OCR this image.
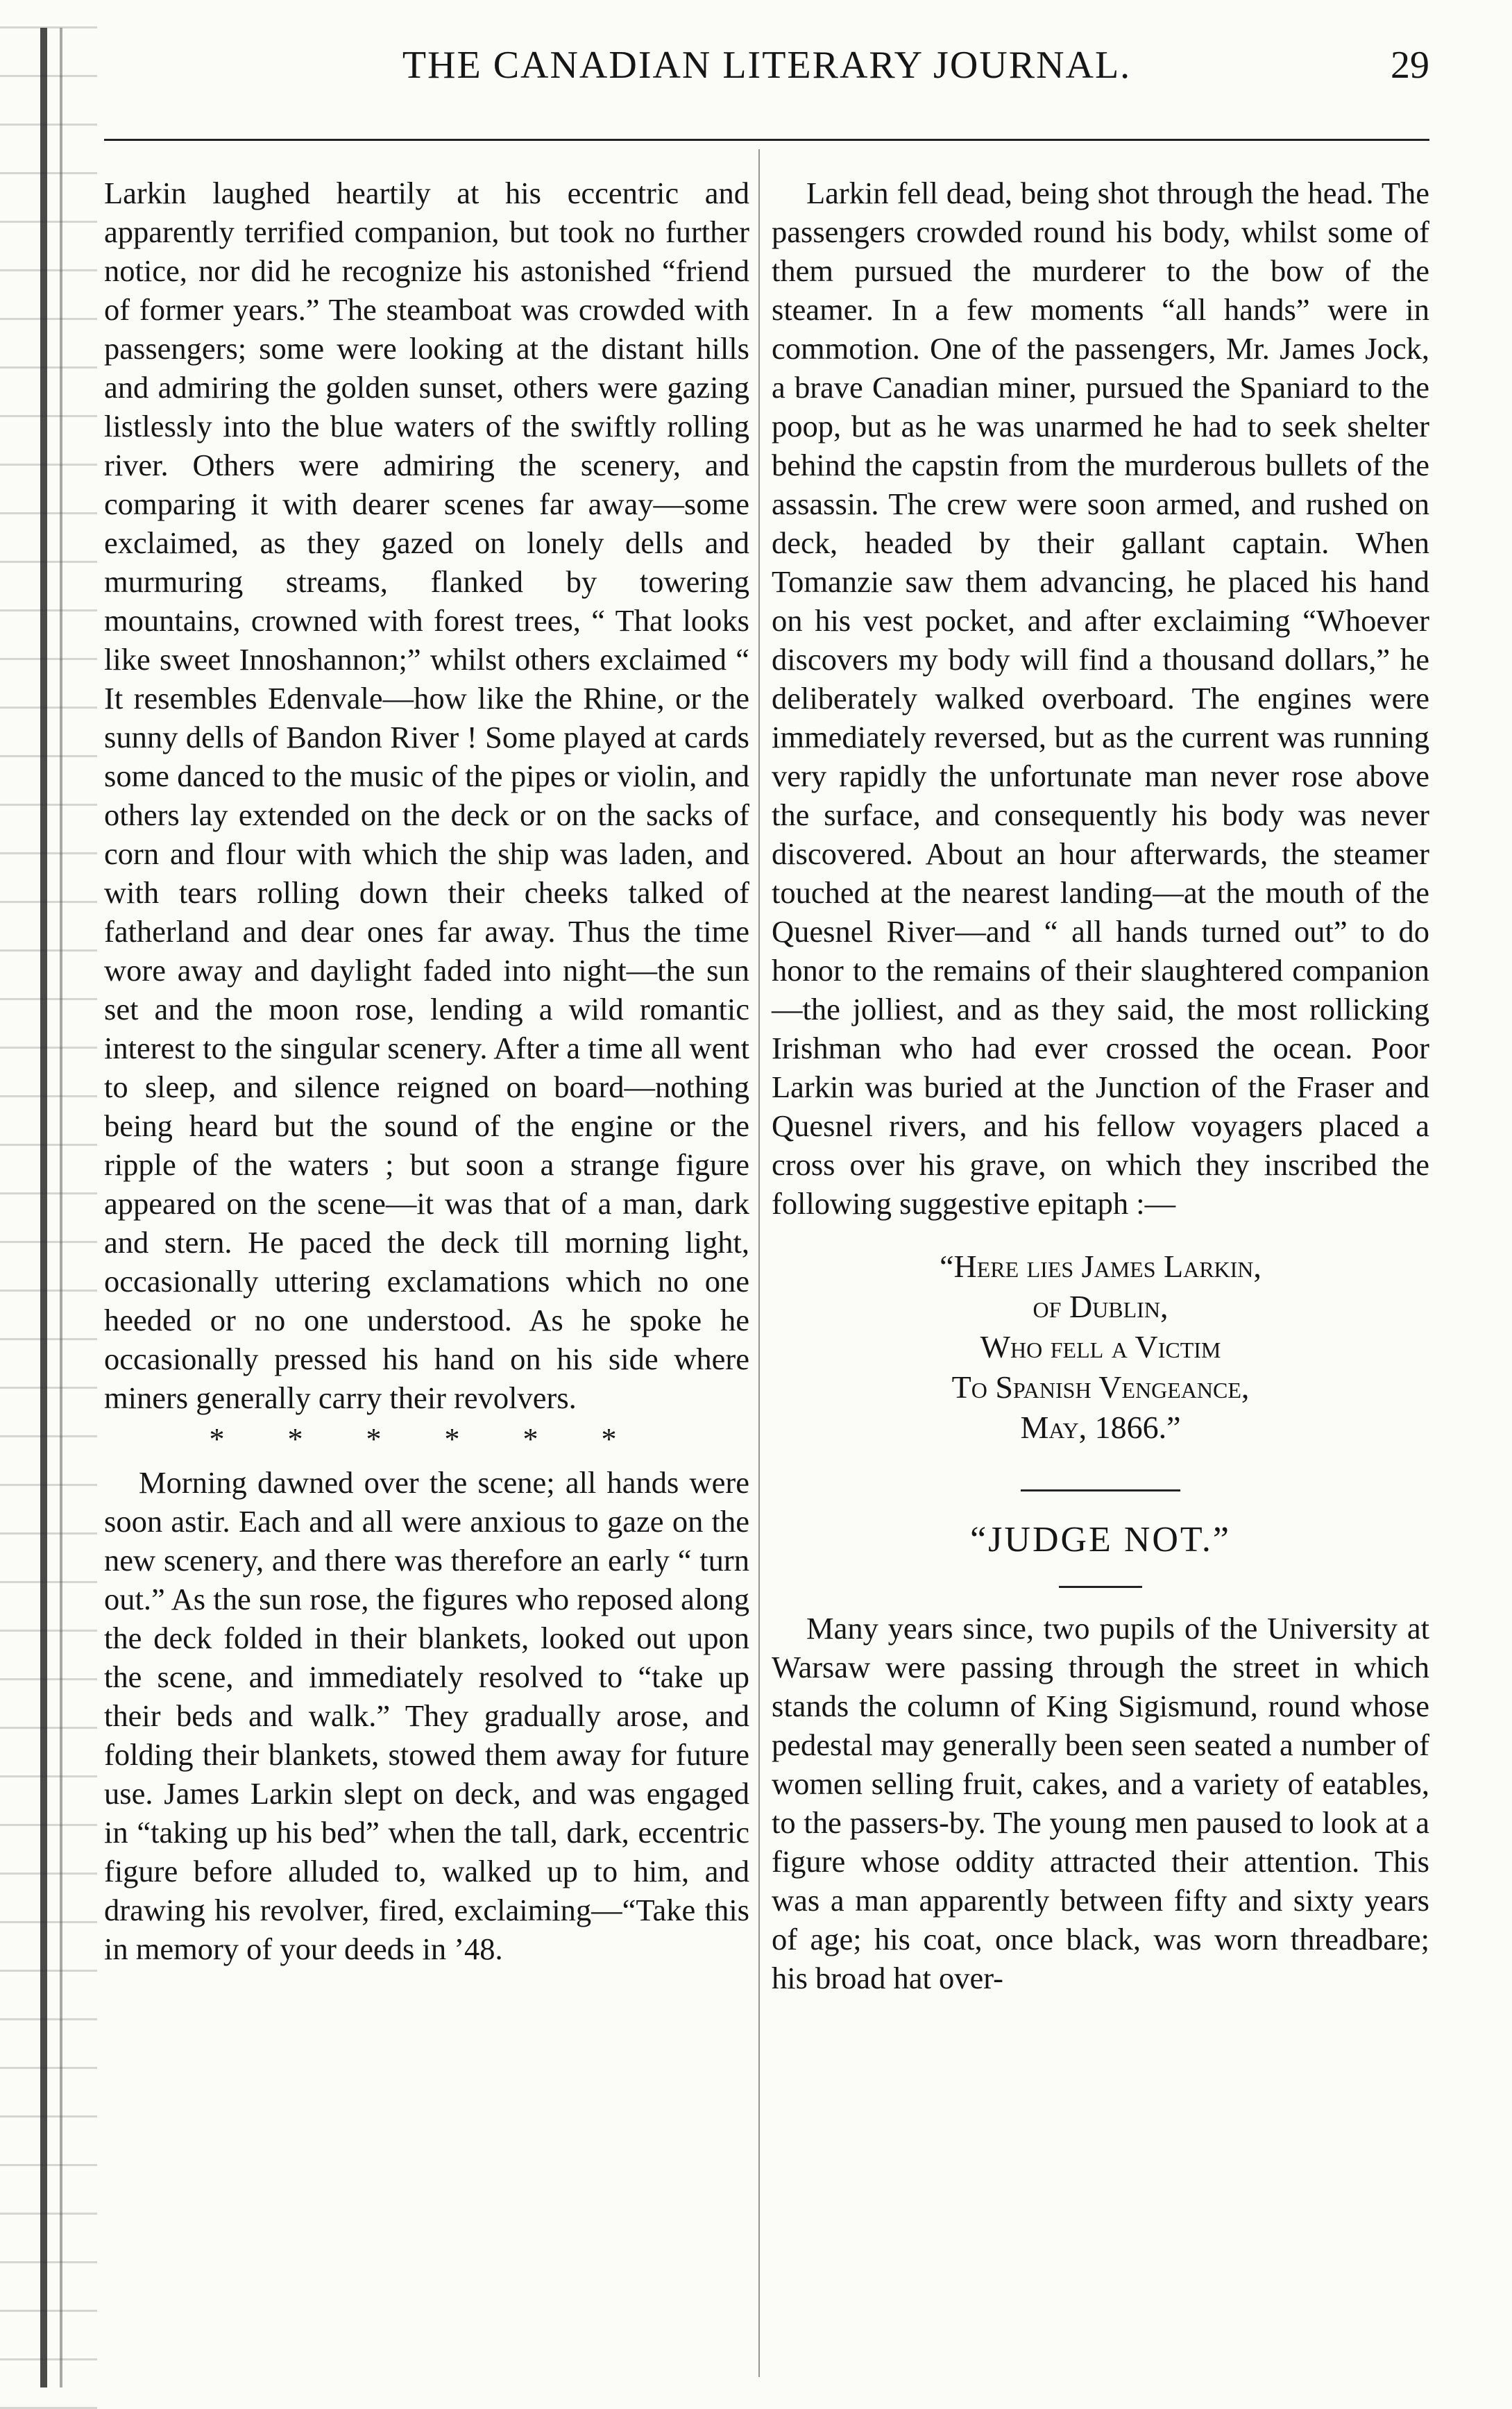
THE CANADIAN LITERARY JOURNAL.	29

Larkin laughed heartily at his eccentric and apparently terrified companion, but took no further notice, nor did he recognize his astonished “friend of former years.” The steamboat was crowded with passengers; some were looking at the distant hills and admiring the golden sunset, others were gazing listlessly into the blue waters of the swiftly rolling river. Others were admiring the scenery, and comparing it with dearer scenes far away—some exclaimed, as they gazed on lonely dells and murmuring streams, flanked by towering mountains, crowned with forest trees, “ That looks like sweet Innoshannon;” whilst others exclaimed “ It resembles Edenvale—how like the Rhine, or the sunny dells of Bandon River ! Some played at cards some danced to the music of the pipes or violin, and others lay extended on the deck or on the sacks of corn and flour with which the ship was laden, and with tears rolling down their cheeks talked of fatherland and dear ones far away. Thus the time wore away and daylight faded into night—the sun set and the moon rose, lending a wild romantic interest to the singular scenery. After a time all went to sleep, and silence reigned on board—nothing being heard but the sound of the engine or the ripple of the waters ; but soon a strange figure appeared on the scene—it was that of a man, dark and stern. He paced the deck till morning light, occasionally uttering exclamations which no one heeded or no one understood. As he spoke he occasionally pressed his hand on his side where miners generally carry their revolvers.

* * * * * *

Morning dawned over the scene; all hands were soon astir. Each and all were anxious to gaze on the new scenery, and there was therefore an early “ turn out.” As the sun rose, the figures who reposed along the deck folded in their blankets, looked out upon the scene, and immediately resolved to “take up their beds and walk.” They gradually arose, and folding their blankets, stowed them away for future use. James Larkin slept on deck, and was engaged in “taking up his bed” when the tall, dark, eccentric figure before alluded to, walked up to him, and drawing his revolver, fired, exclaiming—“Take this in memory of your deeds in ’48.

Larkin fell dead, being shot through the head. The passengers crowded round his body, whilst some of them pursued the murderer to the bow of the steamer. In a few moments “all hands” were in commotion. One of the passengers, Mr. James Jock, a brave Canadian miner, pursued the Spaniard to the poop, but as he was unarmed he had to seek shelter behind the capstin from the murderous bullets of the assassin. The crew were soon armed, and rushed on deck, headed by their gallant captain. When Tomanzie saw them advancing, he placed his hand on his vest pocket, and after exclaiming “Whoever discovers my body will find a thousand dollars,” he deliberately walked overboard. The engines were immediately reversed, but as the current was running very rapidly the unfortunate man never rose above the surface, and consequently his body was never discovered. About an hour afterwards, the steamer touched at the nearest landing—at the mouth of the Quesnel River—and “ all hands turned out” to do honor to the remains of their slaughtered companion—the jolliest, and as they said, the most rollicking Irishman who had ever crossed the ocean. Poor Larkin was buried at the Junction of the Fraser and Quesnel rivers, and his fellow voyagers placed a cross over his grave, on which they inscribed the following suggestive epitaph :—

“Here lies James Larkin,
of Dublin,
Who fell a Victim
To Spanish Vengeance,
May, 1866.”
“JUDGE NOT.”

Many years since, two pupils of the University at Warsaw were passing through the street in which stands the column of King Sigismund, round whose pedestal may generally been seen seated a number of women selling fruit, cakes, and a variety of eatables, to the passers-by. The young men paused to look at a figure whose oddity attracted their attention. This was a man apparently between fifty and sixty years of age; his coat, once black, was worn threadbare; his broad hat over-
